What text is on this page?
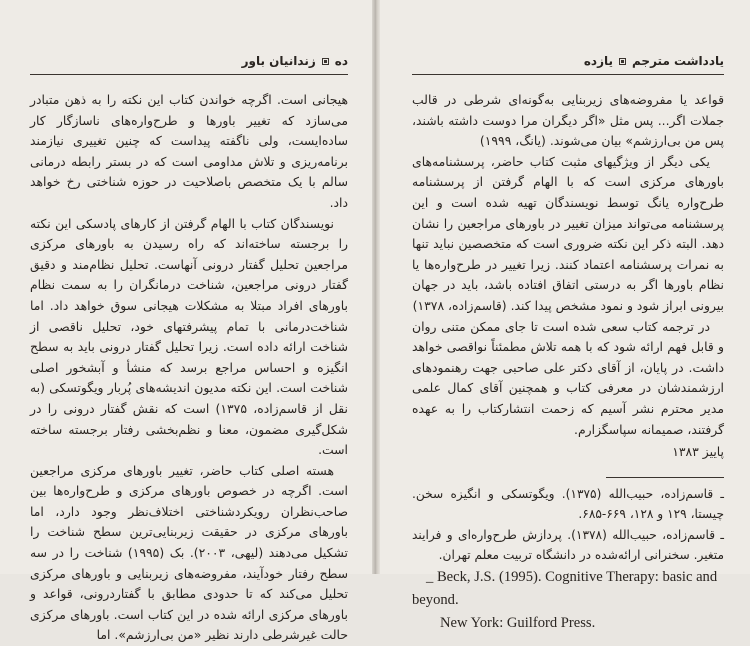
ده
زندانیان باور

هیجانی است. اگرچه خواندن کتاب این نکته را به ذهن متبادر می‌سازد که تغییر باورها و طرح‌واره‌های ناسازگار کار ساده‌ایست، ولی ناگفته پیداست که چنین تغییری نیازمند برنامه‌ریزی و تلاش مداومی است که در بستر رابطه درمانی سالم با یک متخصص باصلاحیت در حوزه شناختی رخ خواهد داد.

نویسندگان کتاب با الهام گرفتن از کارهای پادسکی این نکته را برجسته ساخته‌اند که راه رسیدن به باورهای مرکزی مراجعین تحلیل گفتار درونی آنهاست. تحلیل نظام‌مند و دقیق گفتار درونی مراجعین، شناخت درمانگران را به سمت نظام باورهای افراد مبتلا به مشکلات هیجانی سوق خواهد داد. اما شناخت‌درمانی با تمام پیشرفتهای خود، تحلیل ناقصی از شناخت ارائه داده است. زیرا تحلیل گفتار درونی باید به سطح انگیزه و احساس مراجع برسد که منشأ و آبشخور اصلی شناخت است. این نکته مدیون اندیشه‌های پُربار ویگوتسکی (به نقل از قاسم‌زاده، ۱۳۷۵) است که نقش گفتار درونی را در شکل‌گیری مضمون، معنا و نظم‌بخشی رفتار برجسته ساخته است.

هسته اصلی کتاب حاضر، تغییر باورهای مرکزی مراجعین است. اگرچه در خصوص باورهای مرکزی و طرح‌واره‌ها بین صاحب‌نظران رویکردشناختی اختلاف‌نظر وجود دارد، اما باورهای مرکزی در حقیقت زیربنایی‌ترین سطح شناخت را تشکیل می‌دهند (لیهی، ۲۰۰۳). بک (۱۹۹۵) شناخت را در سه سطح رفتار خودآیند، مفروضه‌های زیربنایی و باورهای مرکزی تحلیل می‌کند که تا حدودی مطابق با گفتاردرونی، قواعد و باورهای مرکزی ارائه شده در این کتاب است. باورهای مرکزی حالت غیرشرطی دارند نظیر «من بی‌ارزشم». اما

یادداشت مترجم
یازده

قواعد یا مفروضه‌های زیربنایی به‌گونه‌ای شرطی در قالب جملات اگر... پس مثل «اگر دیگران مرا دوست داشته باشند، پس من بی‌ارزشم» بیان می‌شوند. (یانگ، ۱۹۹۹)

یکی دیگر از ویژگیهای مثبت کتاب حاضر، پرسشنامه‌های باورهای مرکزی است که با الهام گرفتن از پرسشنامه طرح‌واره یانگ توسط نویسندگان تهیه شده است و این پرسشنامه می‌تواند میزان تغییر در باورهای مراجعین را نشان دهد. البته ذکر این نکته ضروری است که متخصصین نباید تنها به نمرات پرسشنامه اعتماد کنند. زیرا تغییر در طرح‌واره‌ها یا نظام باورها اگر به درستی اتفاق افتاده باشد، باید در جهان بیرونی ابراز شود و نمود مشخص پیدا کند. (قاسم‌زاده، ۱۳۷۸)

در ترجمه کتاب سعی شده است تا جای ممکن متنی روان و قابل فهم ارائه شود که با همه تلاش مطمئناً نواقصی خواهد داشت. در پایان، از آقای دکتر علی صاحبی جهت رهنمودهای ارزشمندشان در معرفی کتاب و همچنین آقای کمال علمی مدیر محترم نشر آسیم که زحمت انتشارکتاب را به عهده گرفتند، صمیمانه سپاسگزارم.

پاییز ۱۳۸۳

ـ قاسم‌زاده، حبیب‌الله (۱۳۷۵). ویگوتسکی و انگیزه سخن. چیستا، ۱۲۹ و ۱۲۸، ۶۶۹-۶۸۵.

ـ قاسم‌زاده، حبیب‌الله (۱۳۷۸). پردازش طرح‌واره‌ای و فرایند متغیر. سخنرانی ارائه‌شده در دانشگاه تربیت معلم تهران.

_ Beck, J.S. (1995). Cognitive Therapy: basic and beyond.

New York: Guilford Press.
